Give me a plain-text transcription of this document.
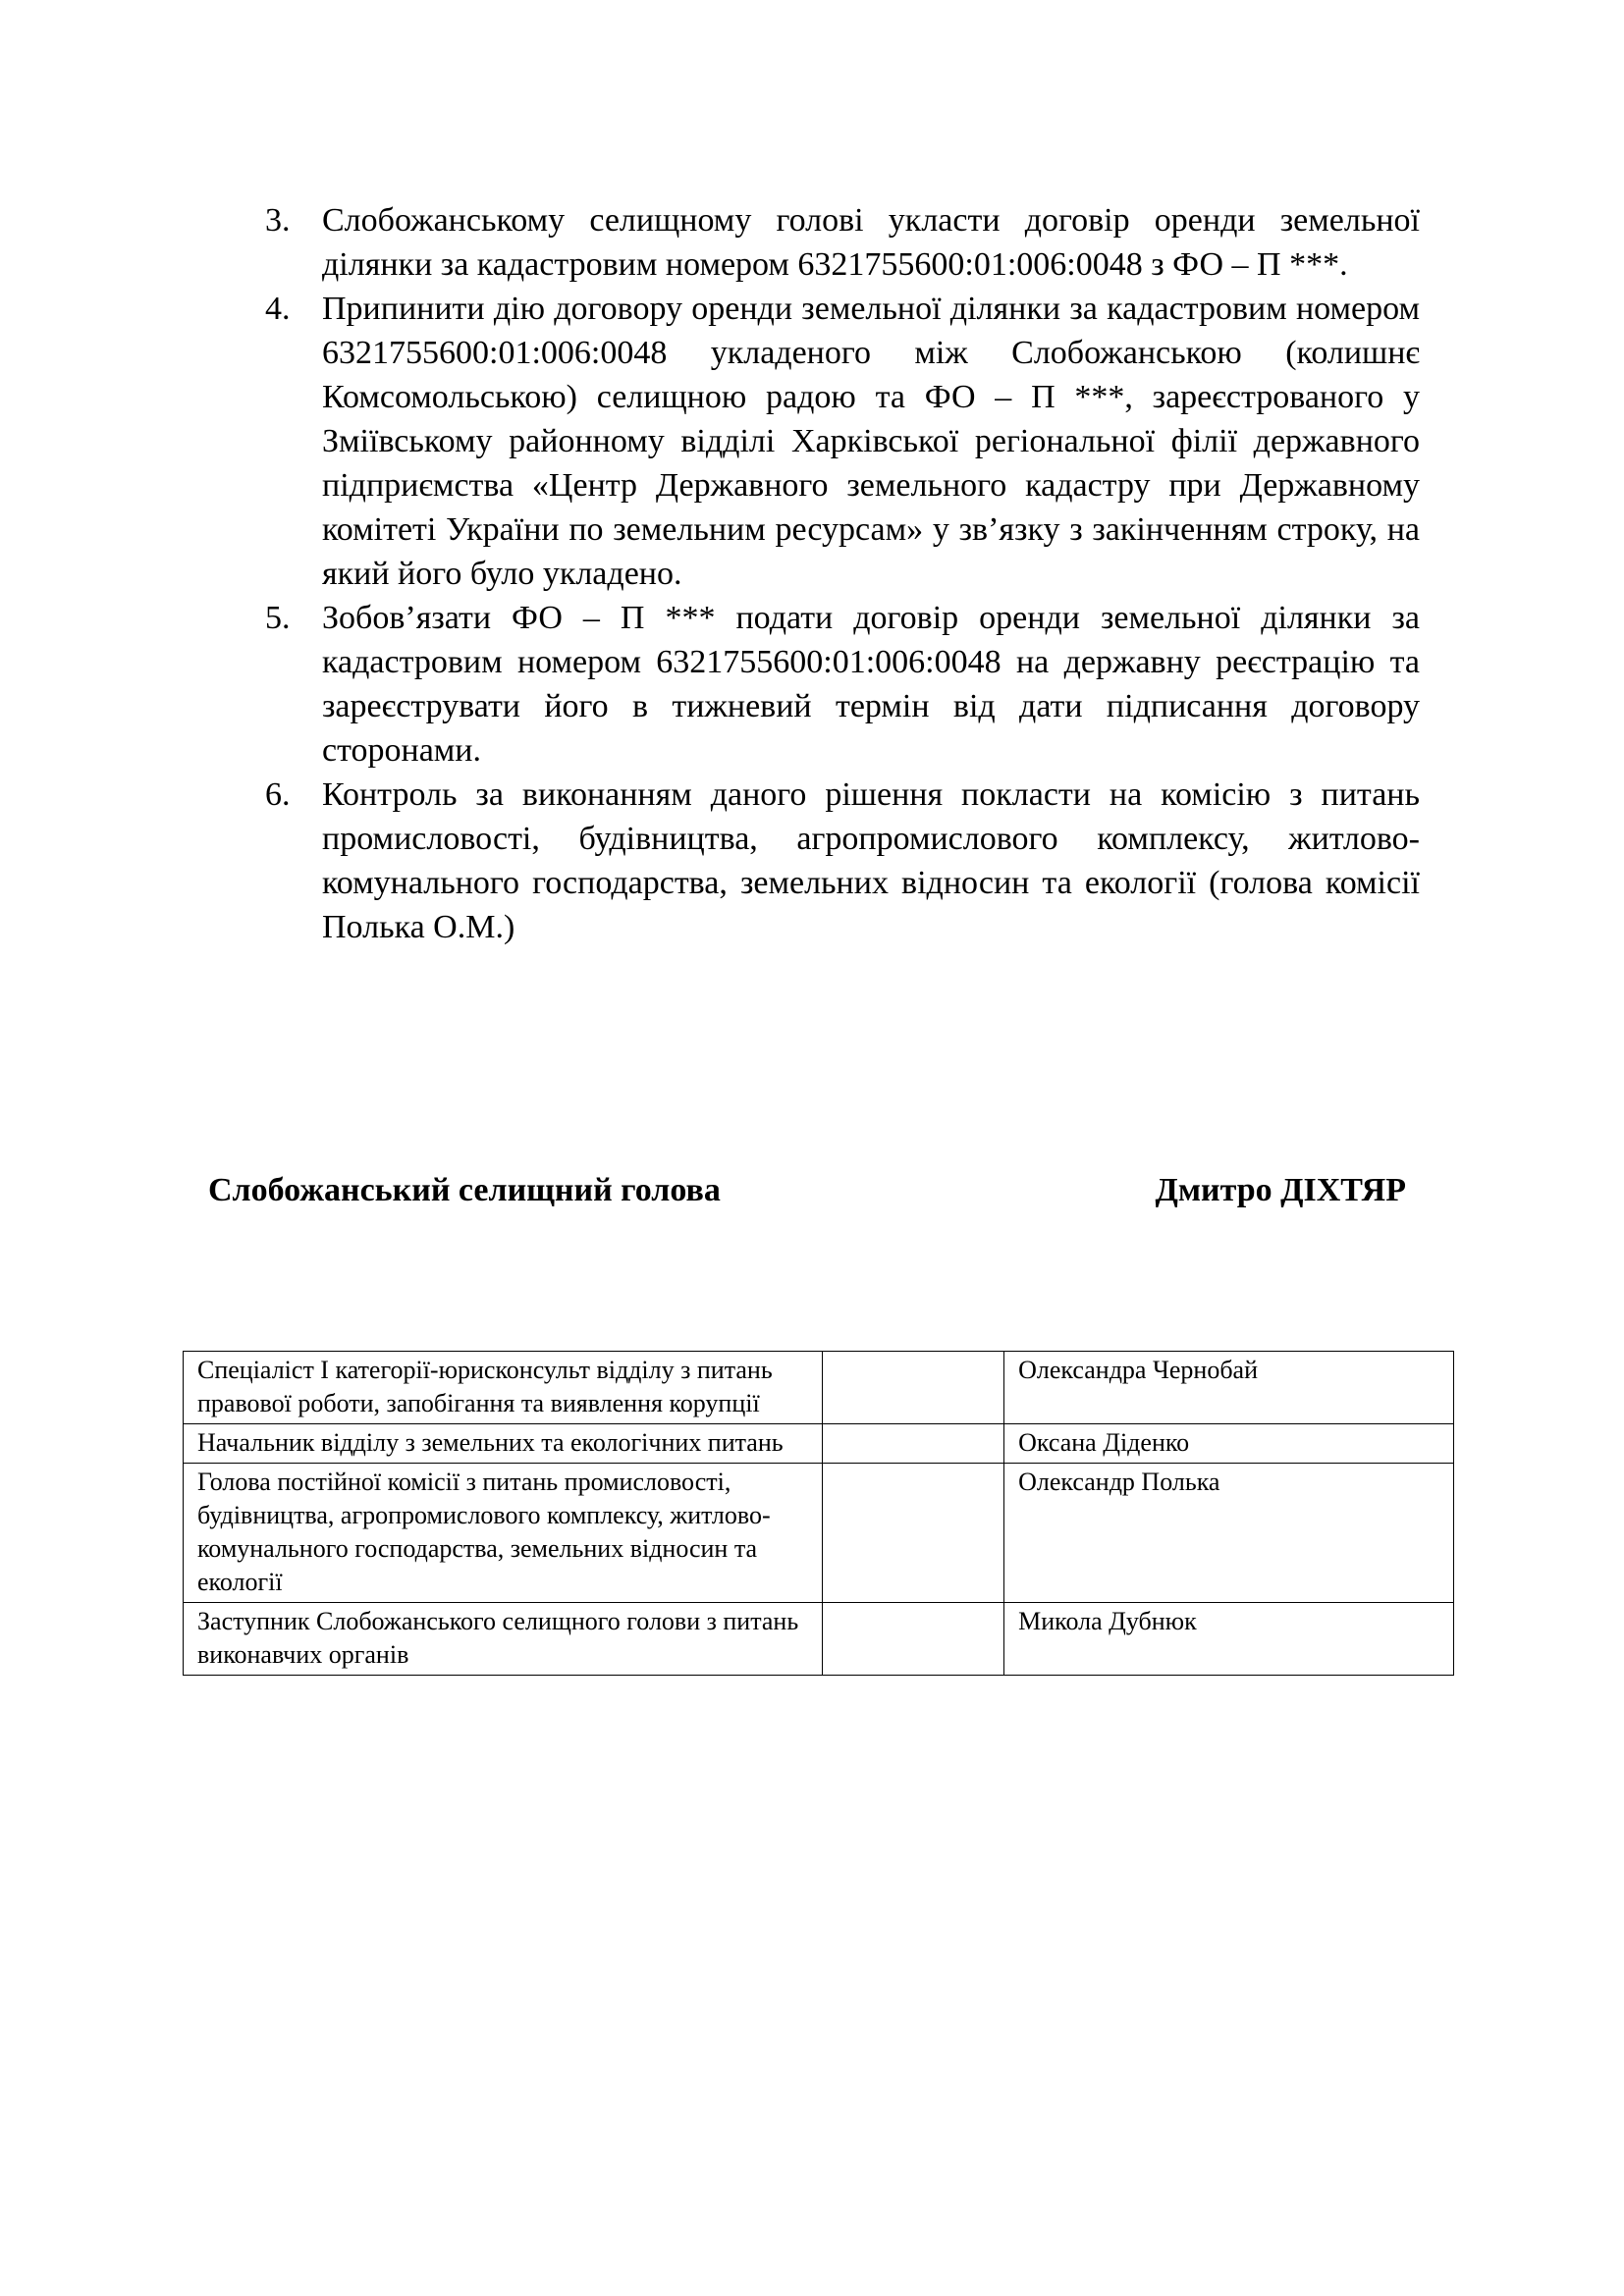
3. Слобожанському селищному голові укласти договір оренди земельної ділянки за кадастровим номером 6321755600:01:006:0048 з ФО – П ***.
4. Припинити дію договору оренди земельної ділянки за кадастровим номером 6321755600:01:006:0048 укладеного між Слобожанською (колишнє Комсомольською) селищною радою та ФО – П ***, зареєстрованого у Зміївському районному відділі Харківської регіональної філії державного підприємства «Центр Державного земельного кадастру при Державному комітеті України по земельним ресурсам» у зв’язку з закінченням строку, на який його було укладено.
5. Зобов’язати ФО – П *** подати договір оренди земельної ділянки за кадастровим номером 6321755600:01:006:0048 на державну реєстрацію та зареєструвати його в тижневий термін від дати підписання договору сторонами.
6. Контроль за виконанням даного рішення покласти на комісію з питань промисловості, будівництва, агропромислового комплексу, житлово-комунального господарства, земельних відносин та екології (голова комісії Полька О.М.)
Слобожанський селищний голова	Дмитро ДІХТЯР
Спеціаліст І категорії-юрисконсульт відділу з питань правової роботи, запобігання та виявлення корупції		Олександра Чернобай
Начальник відділу з земельних та екологічних питань		Оксана Діденко
Голова постійної комісії з питань промисловості, будівництва, агропромислового комплексу, житлово-комунального господарства, земельних відносин та екології		Олександр Полька
Заступник Слобожанського селищного голови з питань виконавчих органів		Микола Дубнюк
